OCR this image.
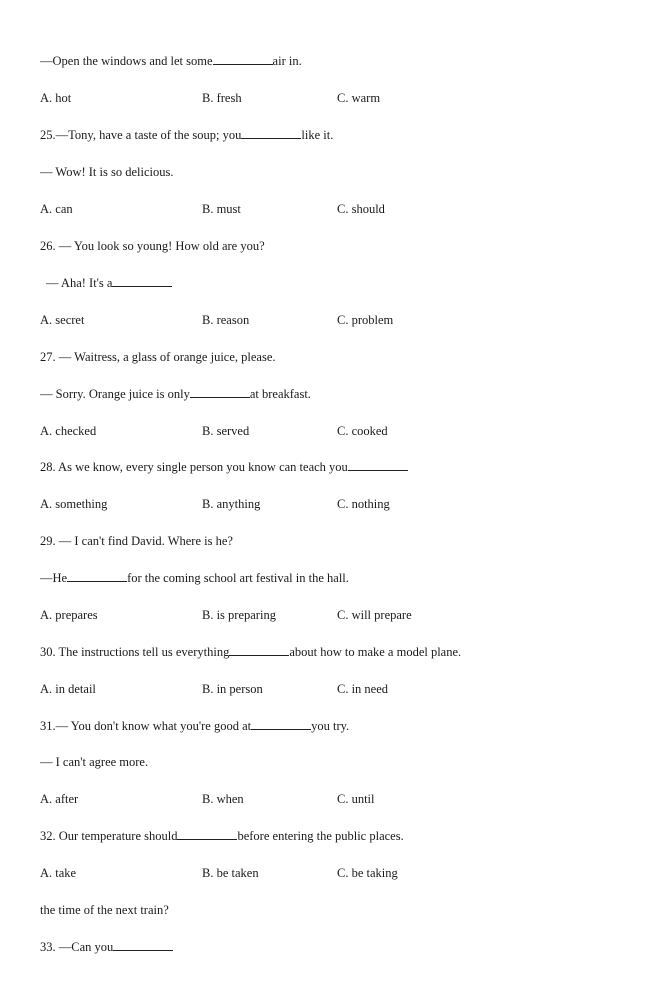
—Open the windows and let some	air in.
A. hot	B. fresh	C. warm
25.—Tony, have a taste of the soup; you	like it.
— Wow! It is so delicious.
A. can	B. must	C. should
26. — You look so young! How old are you?
— Aha! It's a
A. secret	B. reason	C. problem
27. — Waitress, a glass of orange juice, please.
— Sorry. Orange juice is only	at breakfast.
A. checked	B. served	C. cooked
28. As we know, every single person you know can teach you
A. something	B. anything	C. nothing
29. — I can't find David. Where is he?
—He	for the coming school art festival in the hall.
A. prepares	B. is preparing	C. will prepare
30. The instructions tell us everything	about how to make a model plane.
A. in detail	B. in person	C. in need
31.— You don't know what you're good at	you try.
— I can't agree more.
A. after	B. when	C. until
32. Our temperature should	before entering the public places.
A. take	B. be taken	C. be taking
the time of the next train?
33. —Can you
